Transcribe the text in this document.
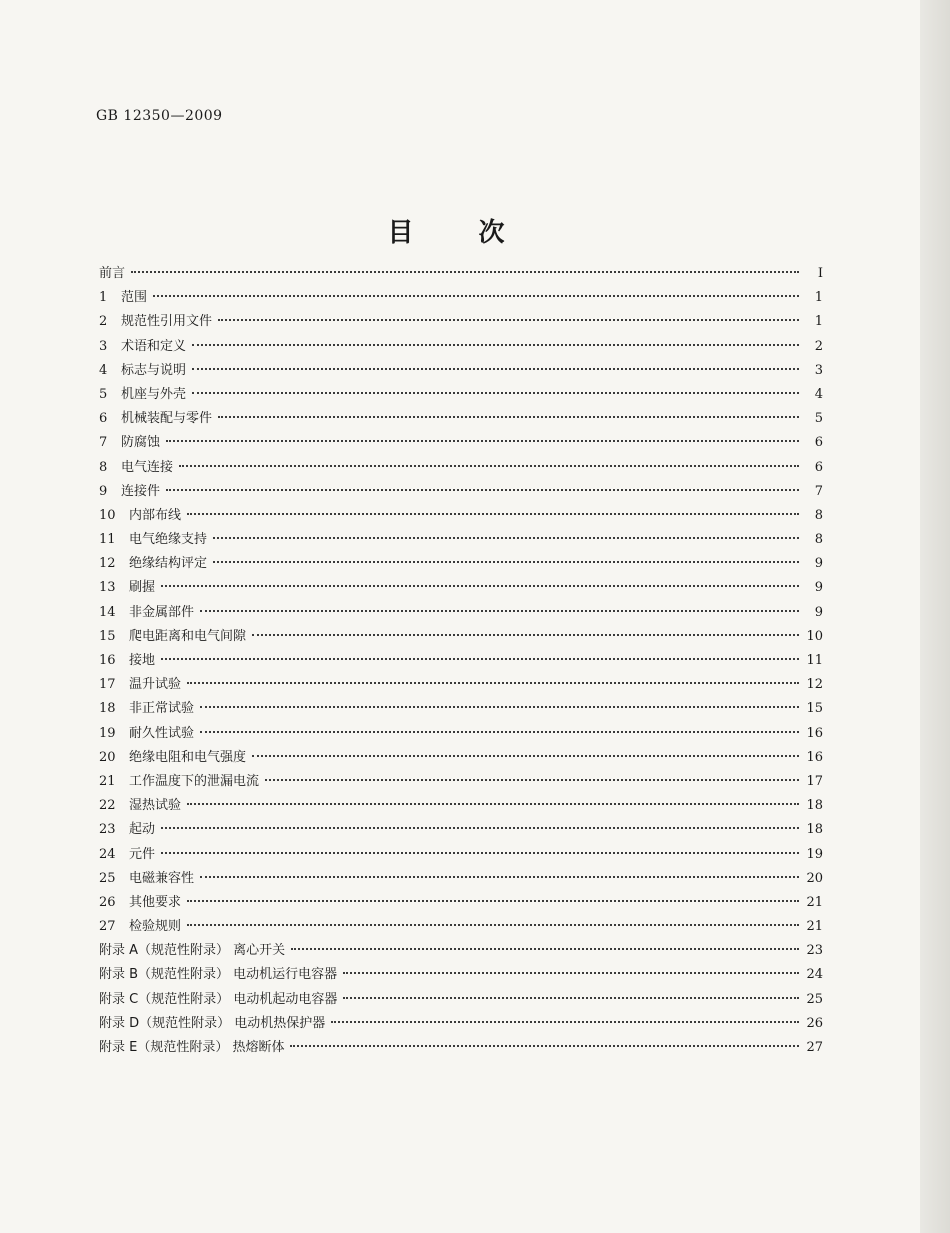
GB 12350—2009
目 次
前言	I
1	范围	1
2	规范性引用文件	1
3	术语和定义	2
4	标志与说明	3
5	机座与外壳	4
6	机械装配与零件	5
7	防腐蚀	6
8	电气连接	6
9	连接件	7
10	内部布线	8
11	电气绝缘支持	8
12	绝缘结构评定	9
13	刷握	9
14	非金属部件	9
15	爬电距离和电气间隙	10
16	接地	11
17	温升试验	12
18	非正常试验	15
19	耐久性试验	16
20	绝缘电阻和电气强度	16
21	工作温度下的泄漏电流	17
22	湿热试验	18
23	起动	18
24	元件	19
25	电磁兼容性	20
26	其他要求	21
27	检验规则	21
附录 A（规范性附录） 离心开关	23
附录 B（规范性附录） 电动机运行电容器	24
附录 C（规范性附录） 电动机起动电容器	25
附录 D（规范性附录） 电动机热保护器	26
附录 E（规范性附录） 热熔断体	27
